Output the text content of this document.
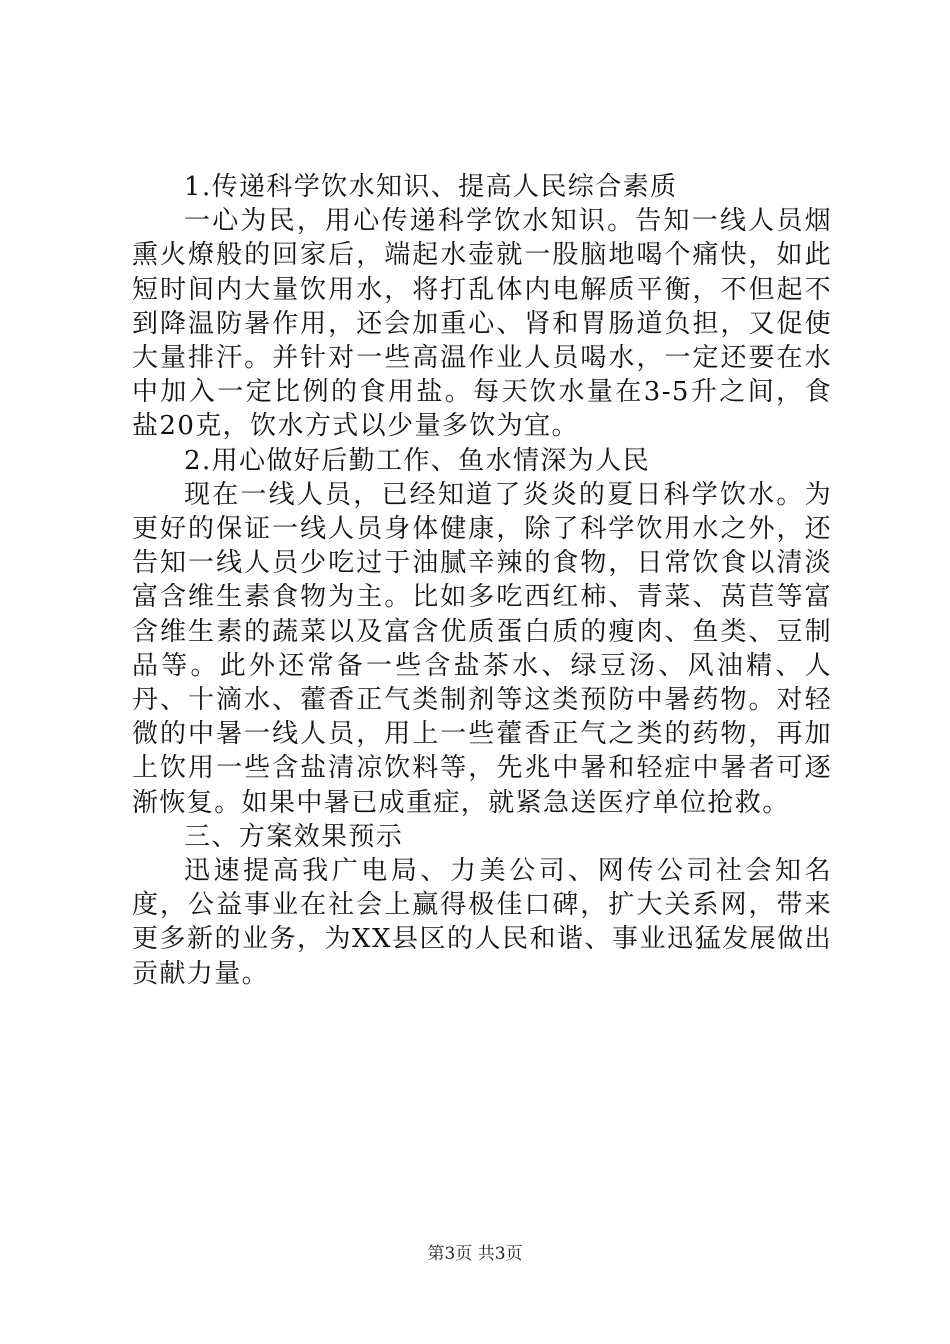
1.传递科学饮水知识、提高人民综合素质

一心为民，用心传递科学饮水知识。告知一线人员烟熏火燎般的回家后，端起水壶就一股脑地喝个痛快，如此短时间内大量饮用水，将打乱体内电解质平衡，不但起不到降温防暑作用，还会加重心、肾和胃肠道负担，又促使大量排汗。并针对一些高温作业人员喝水，一定还要在水中加入一定比例的食用盐。每天饮水量在3-5升之间，食盐20克，饮水方式以少量多饮为宜。

2.用心做好后勤工作、鱼水情深为人民

现在一线人员，已经知道了炎炎的夏日科学饮水。为更好的保证一线人员身体健康，除了科学饮用水之外，还告知一线人员少吃过于油腻辛辣的食物，日常饮食以清淡富含维生素食物为主。比如多吃西红柿、青菜、莴苣等富含维生素的蔬菜以及富含优质蛋白质的瘦肉、鱼类、豆制品等。此外还常备一些含盐茶水、绿豆汤、风油精、人丹、十滴水、藿香正气类制剂等这类预防中暑药物。对轻微的中暑一线人员，用上一些藿香正气之类的药物，再加上饮用一些含盐清凉饮料等，先兆中暑和轻症中暑者可逐渐恢复。如果中暑已成重症，就紧急送医疗单位抢救。

三、方案效果预示

迅速提高我广电局、力美公司、网传公司社会知名度，公益事业在社会上赢得极佳口碑，扩大关系网，带来更多新的业务，为XX县区的人民和谐、事业迅猛发展做出贡献力量。

第3页 共3页
